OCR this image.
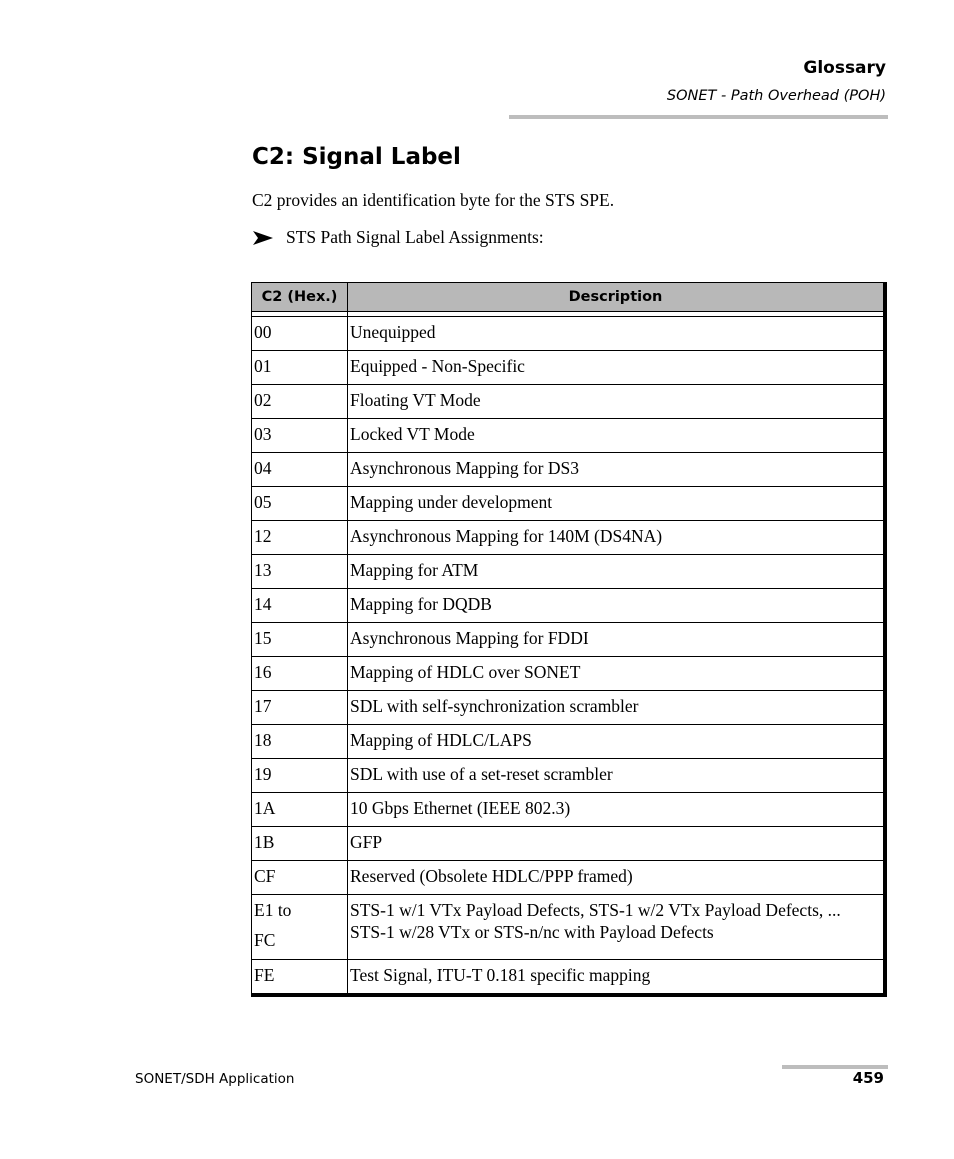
Glossary
SONET - Path Overhead (POH)
C2: Signal Label
C2 provides an identification byte for the STS SPE.
STS Path Signal Label Assignments:
C2 (Hex.)	Description

00	Unequipped
01	Equipped - Non-Specific
02	Floating VT Mode
03	Locked VT Mode
04	Asynchronous Mapping for DS3
05	Mapping under development
12	Asynchronous Mapping for 140M (DS4NA)
13	Mapping for ATM
14	Mapping for DQDB
15	Asynchronous Mapping for FDDI
16	Mapping of HDLC over SONET
17	SDL with self-synchronization scrambler
18	Mapping of HDLC/LAPS
19	SDL with use of a set-reset scrambler
1A	10 Gbps Ethernet (IEEE 802.3)
1B	GFP
CF	Reserved (Obsolete HDLC/PPP framed)
E1 to
FC	STS-1 w/1 VTx Payload Defects, STS-1 w/2 VTx Payload Defects, ... STS-1 w/28 VTx or STS-n/nc with Payload Defects
FE	Test Signal, ITU-T 0.181 specific mapping
SONET/SDH Application	459
